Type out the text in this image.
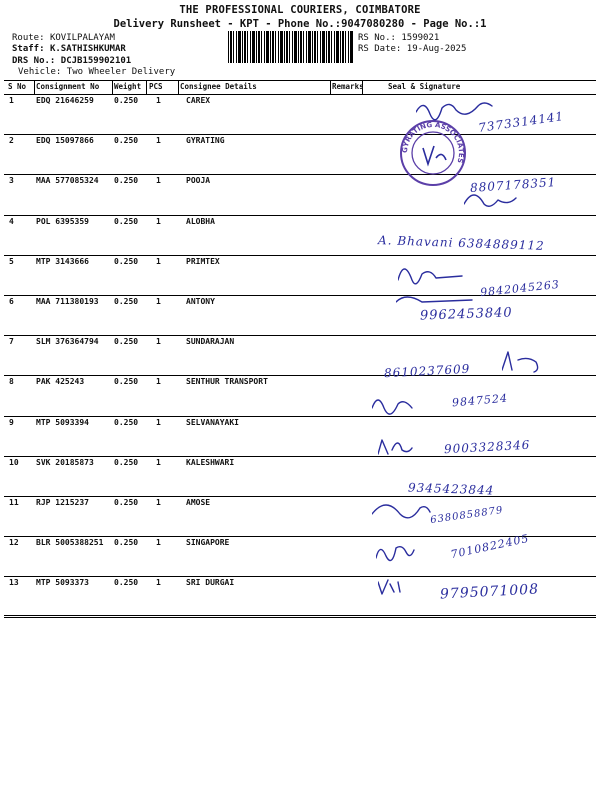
THE PROFESSIONAL COURIERS, COIMBATORE
Delivery Runsheet - KPT - Phone No.:9047080280 - Page No.:1
Route: KOVILPALAYAM
Staff: K.SATHISHKUMAR
DRS No.: DCJB159902101
Vehicle: Two Wheeler Delivery
RS No.: 1599021
RS Date: 19-Aug-2025
S No Consignment No Weight PCS Consignee Details	Remarks	Seal & Signature
1	EDQ 21646259	0.250 1	CAREX
2	EDQ 15097866	0.250 1	GYRATING
3	MAA 577085324 0.250 1	POOJA
4	POL 6395359	0.250 1	ALOBHA
5	MTP 3143666	0.250 1	PRIMTEX
6	MAA 711380193 0.250 1	ANTONY
7	SLM 376364794 0.250 1	SUNDARAJAN
8	PAK 425243	0.250 1	SENTHUR TRANSPORT
9	MTP 5093394	0.250 1	SELVANAYAKI
10 SVK 20185873	0.250 1	KALESHWARI
11 RJP 1215237	0.250 1	AMOSE
12 BLR 5005388251 0.250 1	SINGAPORE
13 MTP 5093373	0.250 1	SRI DURGAI
GYRATING ASSOCIATES
7373314141
8807178351
A. Bhavani 6384889112
9842045263
9962453840
8610237609
9847524
9003328346
9345423844
6380858879
7010822405
9795071008
